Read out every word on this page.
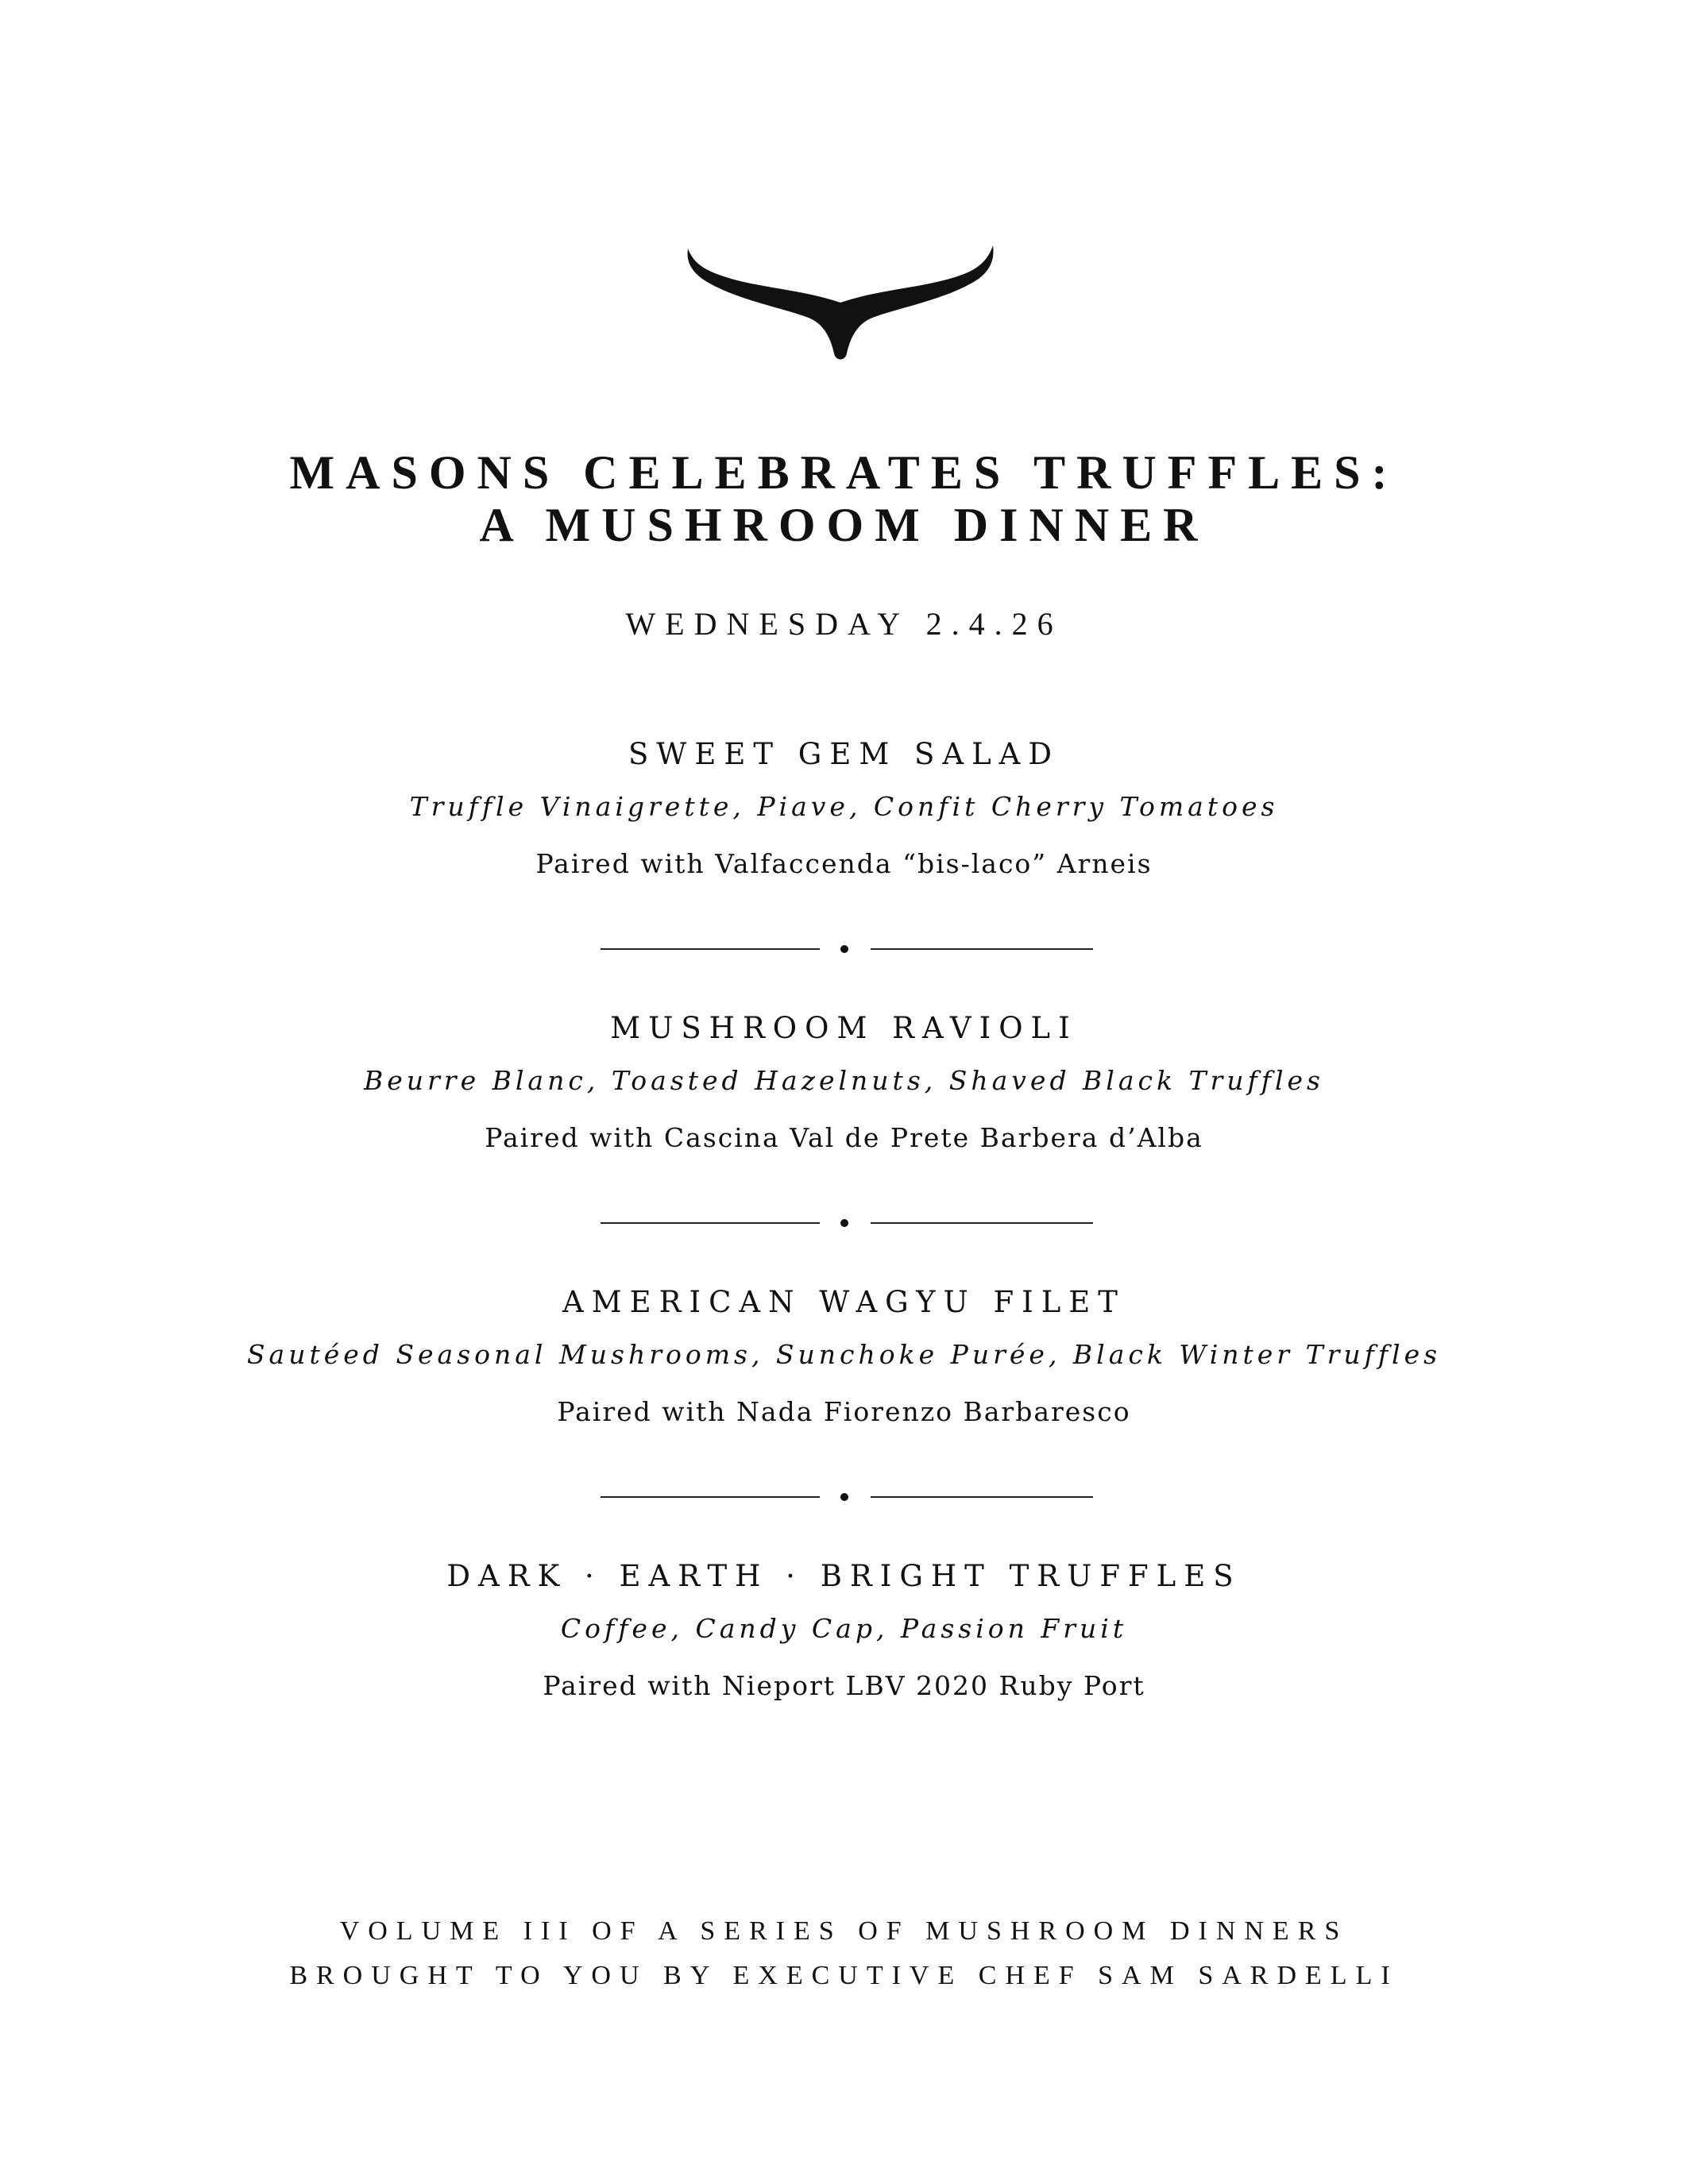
MASONS CELEBRATES TRUFFLES:
A MUSHROOM DINNER
WEDNESDAY 2.4.26
SWEET GEM SALAD
Truffle Vinaigrette, Piave, Confit Cherry Tomatoes
Paired with Valfaccenda “bis-laco” Arneis
MUSHROOM RAVIOLI
Beurre Blanc, Toasted Hazelnuts, Shaved Black Truffles
Paired with Cascina Val de Prete Barbera d’Alba
AMERICAN WAGYU FILET
Sautéed Seasonal Mushrooms, Sunchoke Purée, Black Winter Truffles
Paired with Nada Fiorenzo Barbaresco
DARK · EARTH · BRIGHT TRUFFLES
Coffee, Candy Cap, Passion Fruit
Paired with Nieport LBV 2020 Ruby Port
VOLUME III OF A SERIES OF MUSHROOM DINNERS
BROUGHT TO YOU BY EXECUTIVE CHEF SAM SARDELLI
